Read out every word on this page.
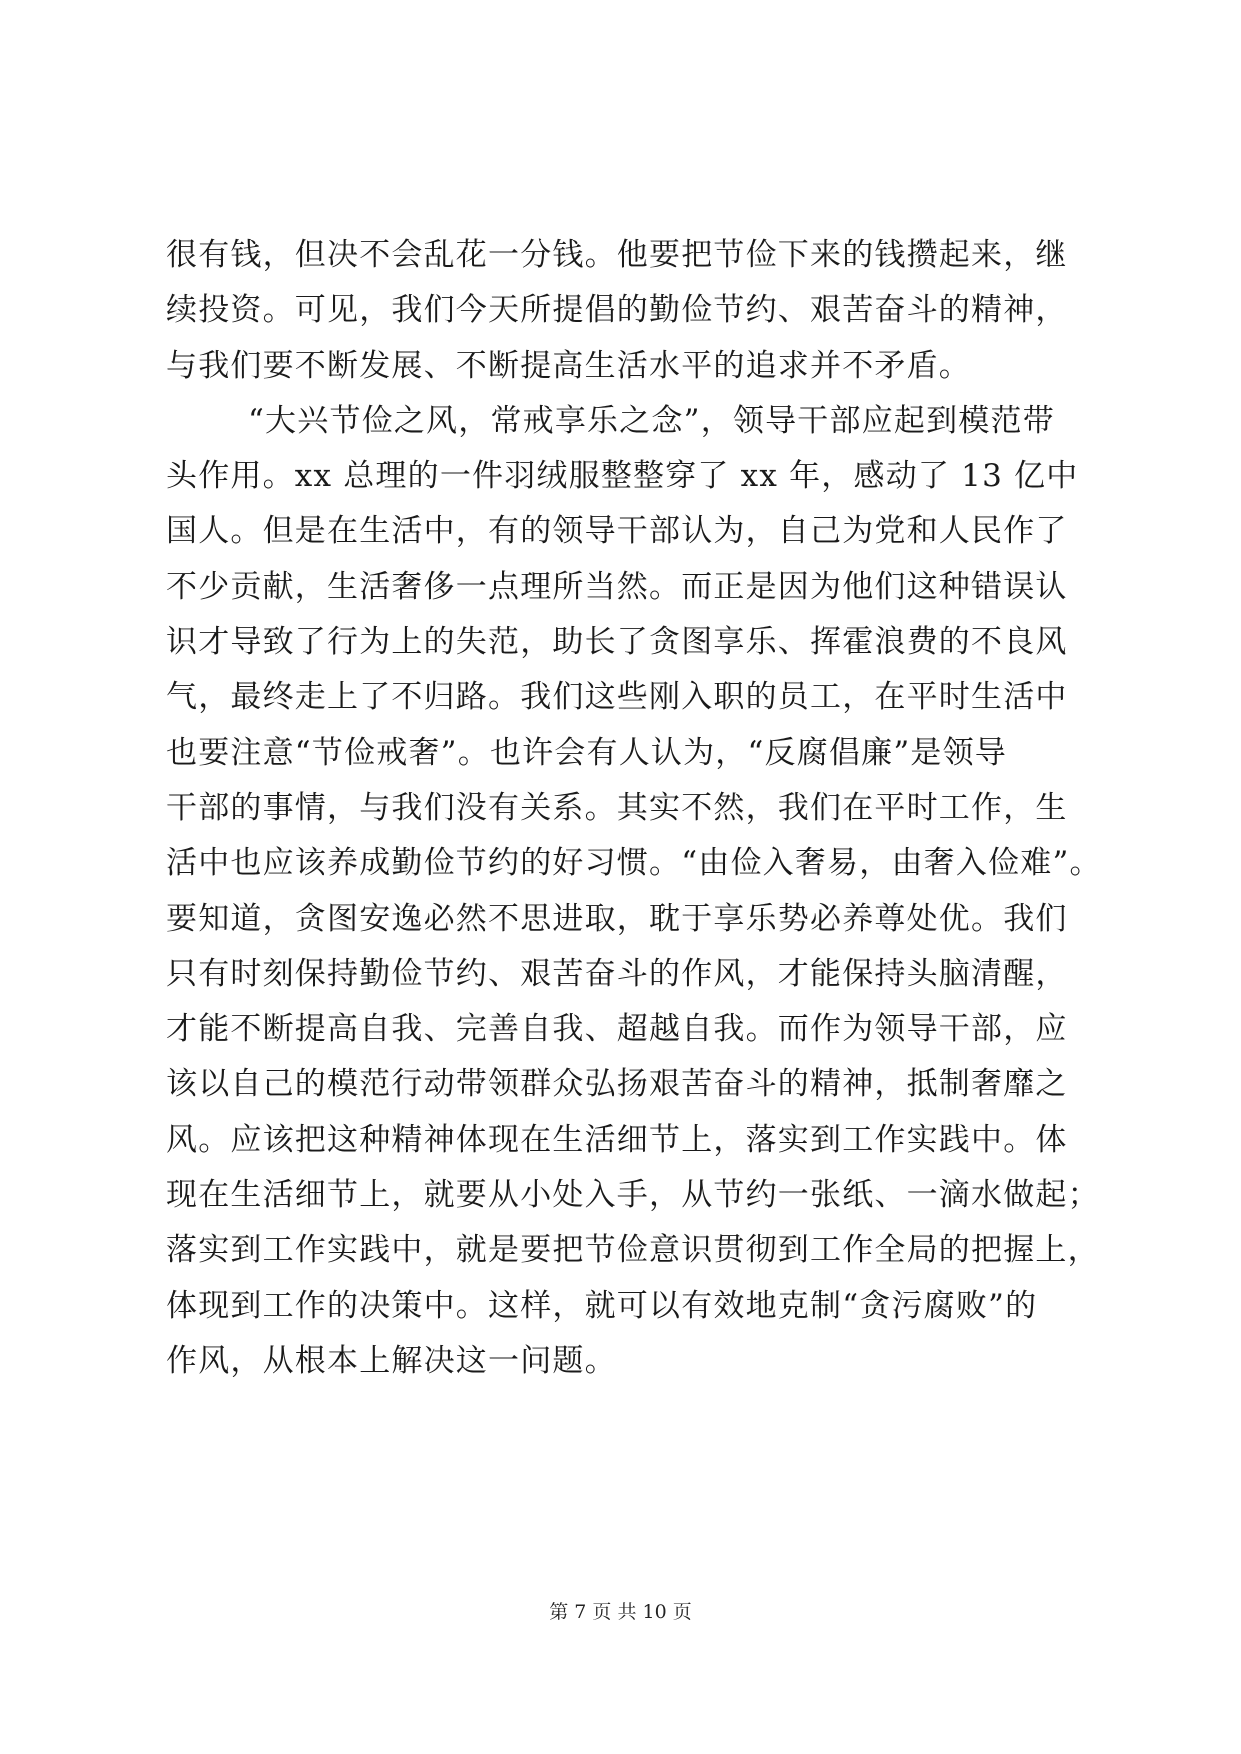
很有钱，但决不会乱花一分钱。他要把节俭下来的钱攒起来，继
续投资。可见，我们今天所提倡的勤俭节约、艰苦奋斗的精神，
与我们要不断发展、不断提高生活水平的追求并不矛盾。
“大兴节俭之风，常戒享乐之念”，领导干部应起到模范带
头作用。xx 总理的一件羽绒服整整穿了 xx 年，感动了 13 亿中
国人。但是在生活中，有的领导干部认为，自己为党和人民作了
不少贡献，生活奢侈一点理所当然。而正是因为他们这种错误认
识才导致了行为上的失范，助长了贪图享乐、挥霍浪费的不良风
气，最终走上了不归路。我们这些刚入职的员工，在平时生活中
也要注意“节俭戒奢”。也许会有人认为，“反腐倡廉”是领导
干部的事情，与我们没有关系。其实不然，我们在平时工作，生
活中也应该养成勤俭节约的好习惯。“由俭入奢易，由奢入俭难”。
要知道，贪图安逸必然不思进取，耽于享乐势必养尊处优。我们
只有时刻保持勤俭节约、艰苦奋斗的作风，才能保持头脑清醒，
才能不断提高自我、完善自我、超越自我。而作为领导干部，应
该以自己的模范行动带领群众弘扬艰苦奋斗的精神，抵制奢靡之
风。应该把这种精神体现在生活细节上，落实到工作实践中。体
现在生活细节上，就要从小处入手，从节约一张纸、一滴水做起；
落实到工作实践中，就是要把节俭意识贯彻到工作全局的把握上，
体现到工作的决策中。这样，就可以有效地克制“贪污腐败”的
作风，从根本上解决这一问题。
第 7 页 共 10 页
